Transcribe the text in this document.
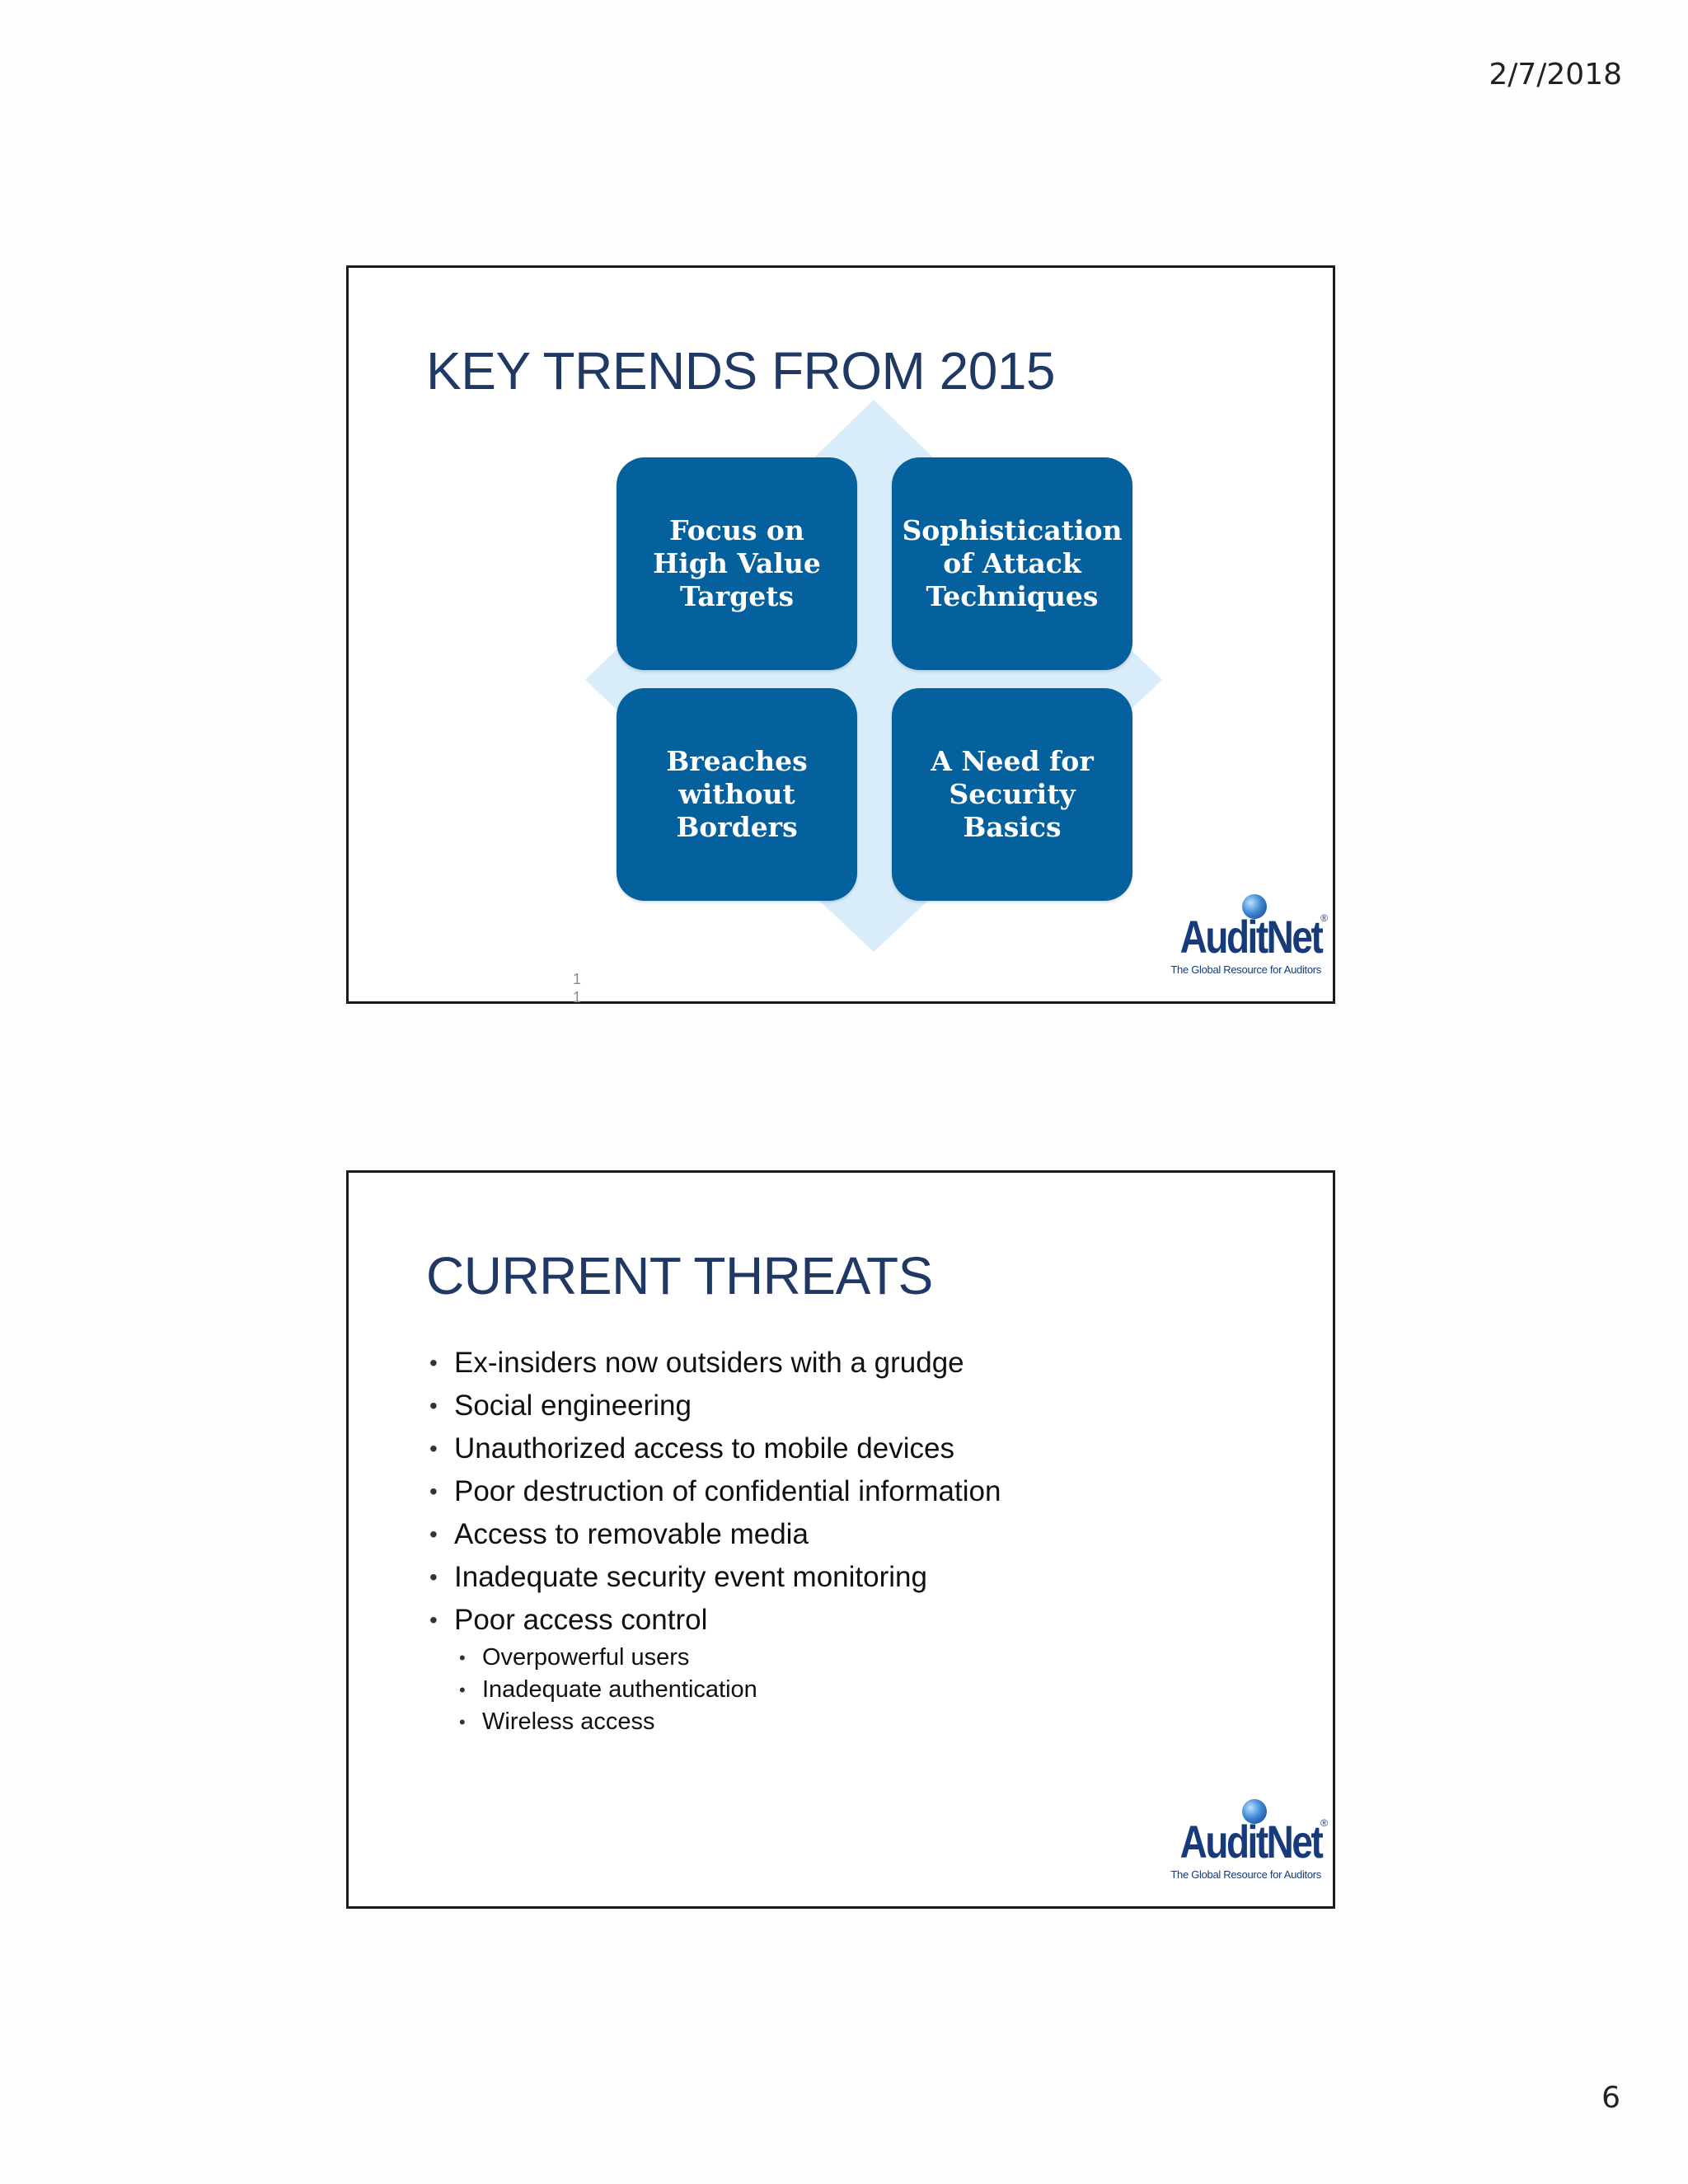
2/7/2018
KEY TRENDS FROM 2015
Focus on High Value Targets
Sophistication of Attack Techniques
Breaches without Borders
A Need for Security Basics
11
AuditNet ®
The Global Resource for Auditors
CURRENT THREATS
• Ex-insiders now outsiders with a grudge
• Social engineering
• Unauthorized access to mobile devices
• Poor destruction of confidential information
• Access to removable media
• Inadequate security event monitoring
• Poor access control
• Overpowerful users
• Inadequate authentication
• Wireless access
AuditNet ®
The Global Resource for Auditors
6
